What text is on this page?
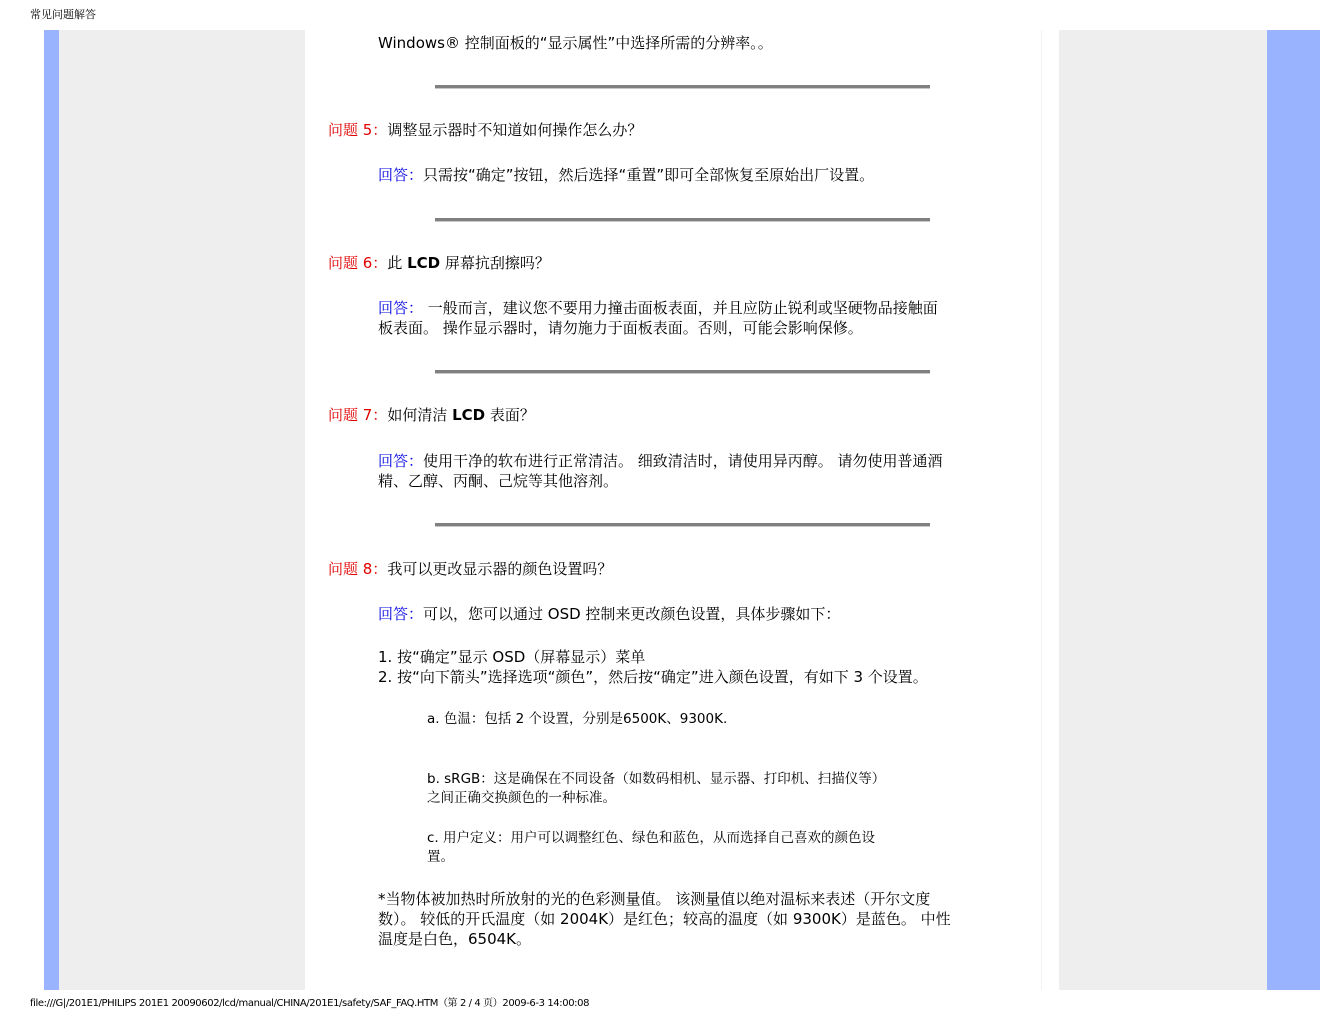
常见问题解答
Windows® 控制面板的“显示属性”中选择所需的分辨率。。
问题 5：调整显示器时不知道如何操作怎么办？
回答：只需按“确定”按钮，然后选择“重置”即可全部恢复至原始出厂设置。
问题 6：此 LCD 屏幕抗刮擦吗？
回答： 一般而言，建议您不要用力撞击面板表面，并且应防止锐利或坚硬物品接触面
板表面。 操作显示器时，请勿施力于面板表面。否则，可能会影响保修。
问题 7：如何清洁 LCD 表面？
回答：使用干净的软布进行正常清洁。 细致清洁时，请使用异丙醇。 请勿使用普通酒
精、乙醇、丙酮、己烷等其他溶剂。
问题 8：我可以更改显示器的颜色设置吗？
回答：可以，您可以通过 OSD 控制来更改颜色设置，具体步骤如下：
1. 按“确定”显示 OSD（屏幕显示）菜单
2. 按“向下箭头”选择选项“颜色”，然后按“确定”进入颜色设置，有如下 3 个设置。
a. 色温：包括 2 个设置，分别是6500K、9300K.
b. sRGB：这是确保在不同设备（如数码相机、显示器、打印机、扫描仪等）
之间正确交换颜色的一种标准。
c. 用户定义：用户可以调整红色、绿色和蓝色，从而选择自己喜欢的颜色设
置。
*当物体被加热时所放射的光的色彩测量值。 该测量值以绝对温标来表述（开尔文度
数）。 较低的开氏温度（如 2004K）是红色；较高的温度（如 9300K）是蓝色。 中性
温度是白色，6504K。
file:///G|/201E1/PHILIPS 201E1 20090602/lcd/manual/CHINA/201E1/safety/SAF_FAQ.HTM（第 2 / 4 页）2009-6-3 14:00:08
